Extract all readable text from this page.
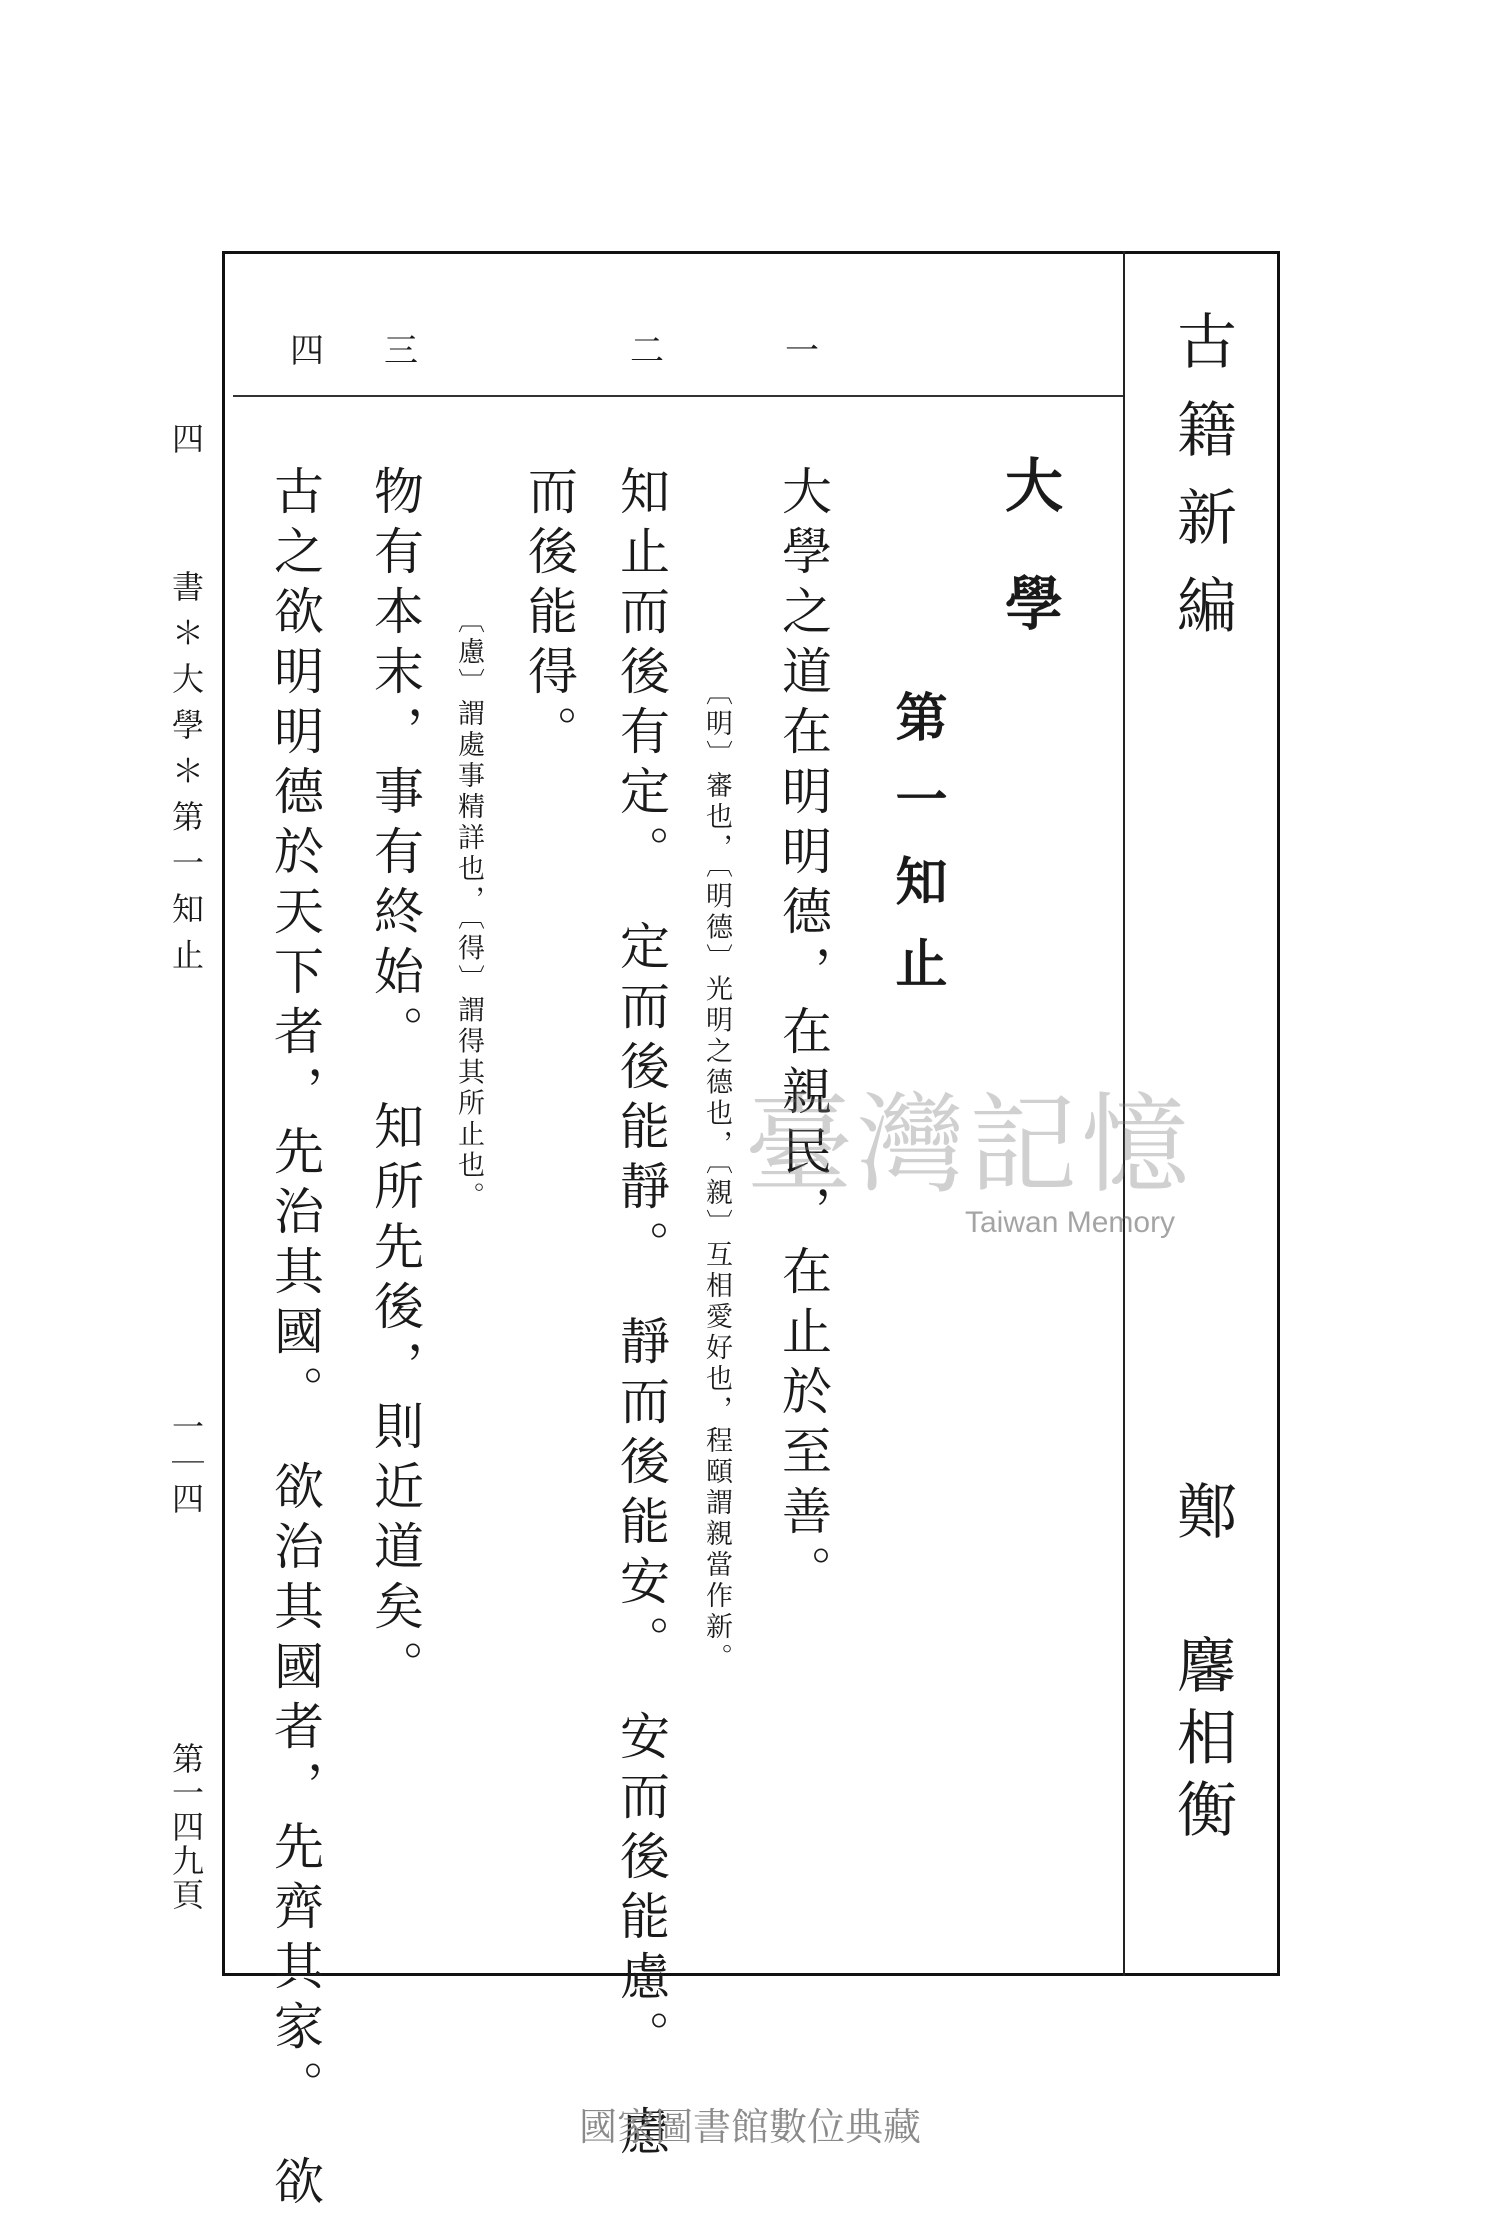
古籍新編
鄭 麘相衡
一
二
三
四
大學
第一知止
大學之道在明明德，在親民，在止於至善。
〔明〕審也，〔明德〕光明之德也，〔親〕互相愛好也，程頤謂親當作新。
知止而後有定。　定而後能靜。　靜而後能安。　安而後能慮。　慮
而後能得。
〔慮〕謂處事精詳也，〔得〕謂得其所止也。
物有本末，事有終始。　知所先後，則近道矣。
古之欲明明德於天下者，先治其國。　欲治其國者，先齊其家。　欲
四
書＊大學＊第一知止
一｜四
第一四九頁
臺灣記憶
Taiwan Memory
國家圖書館數位典藏
